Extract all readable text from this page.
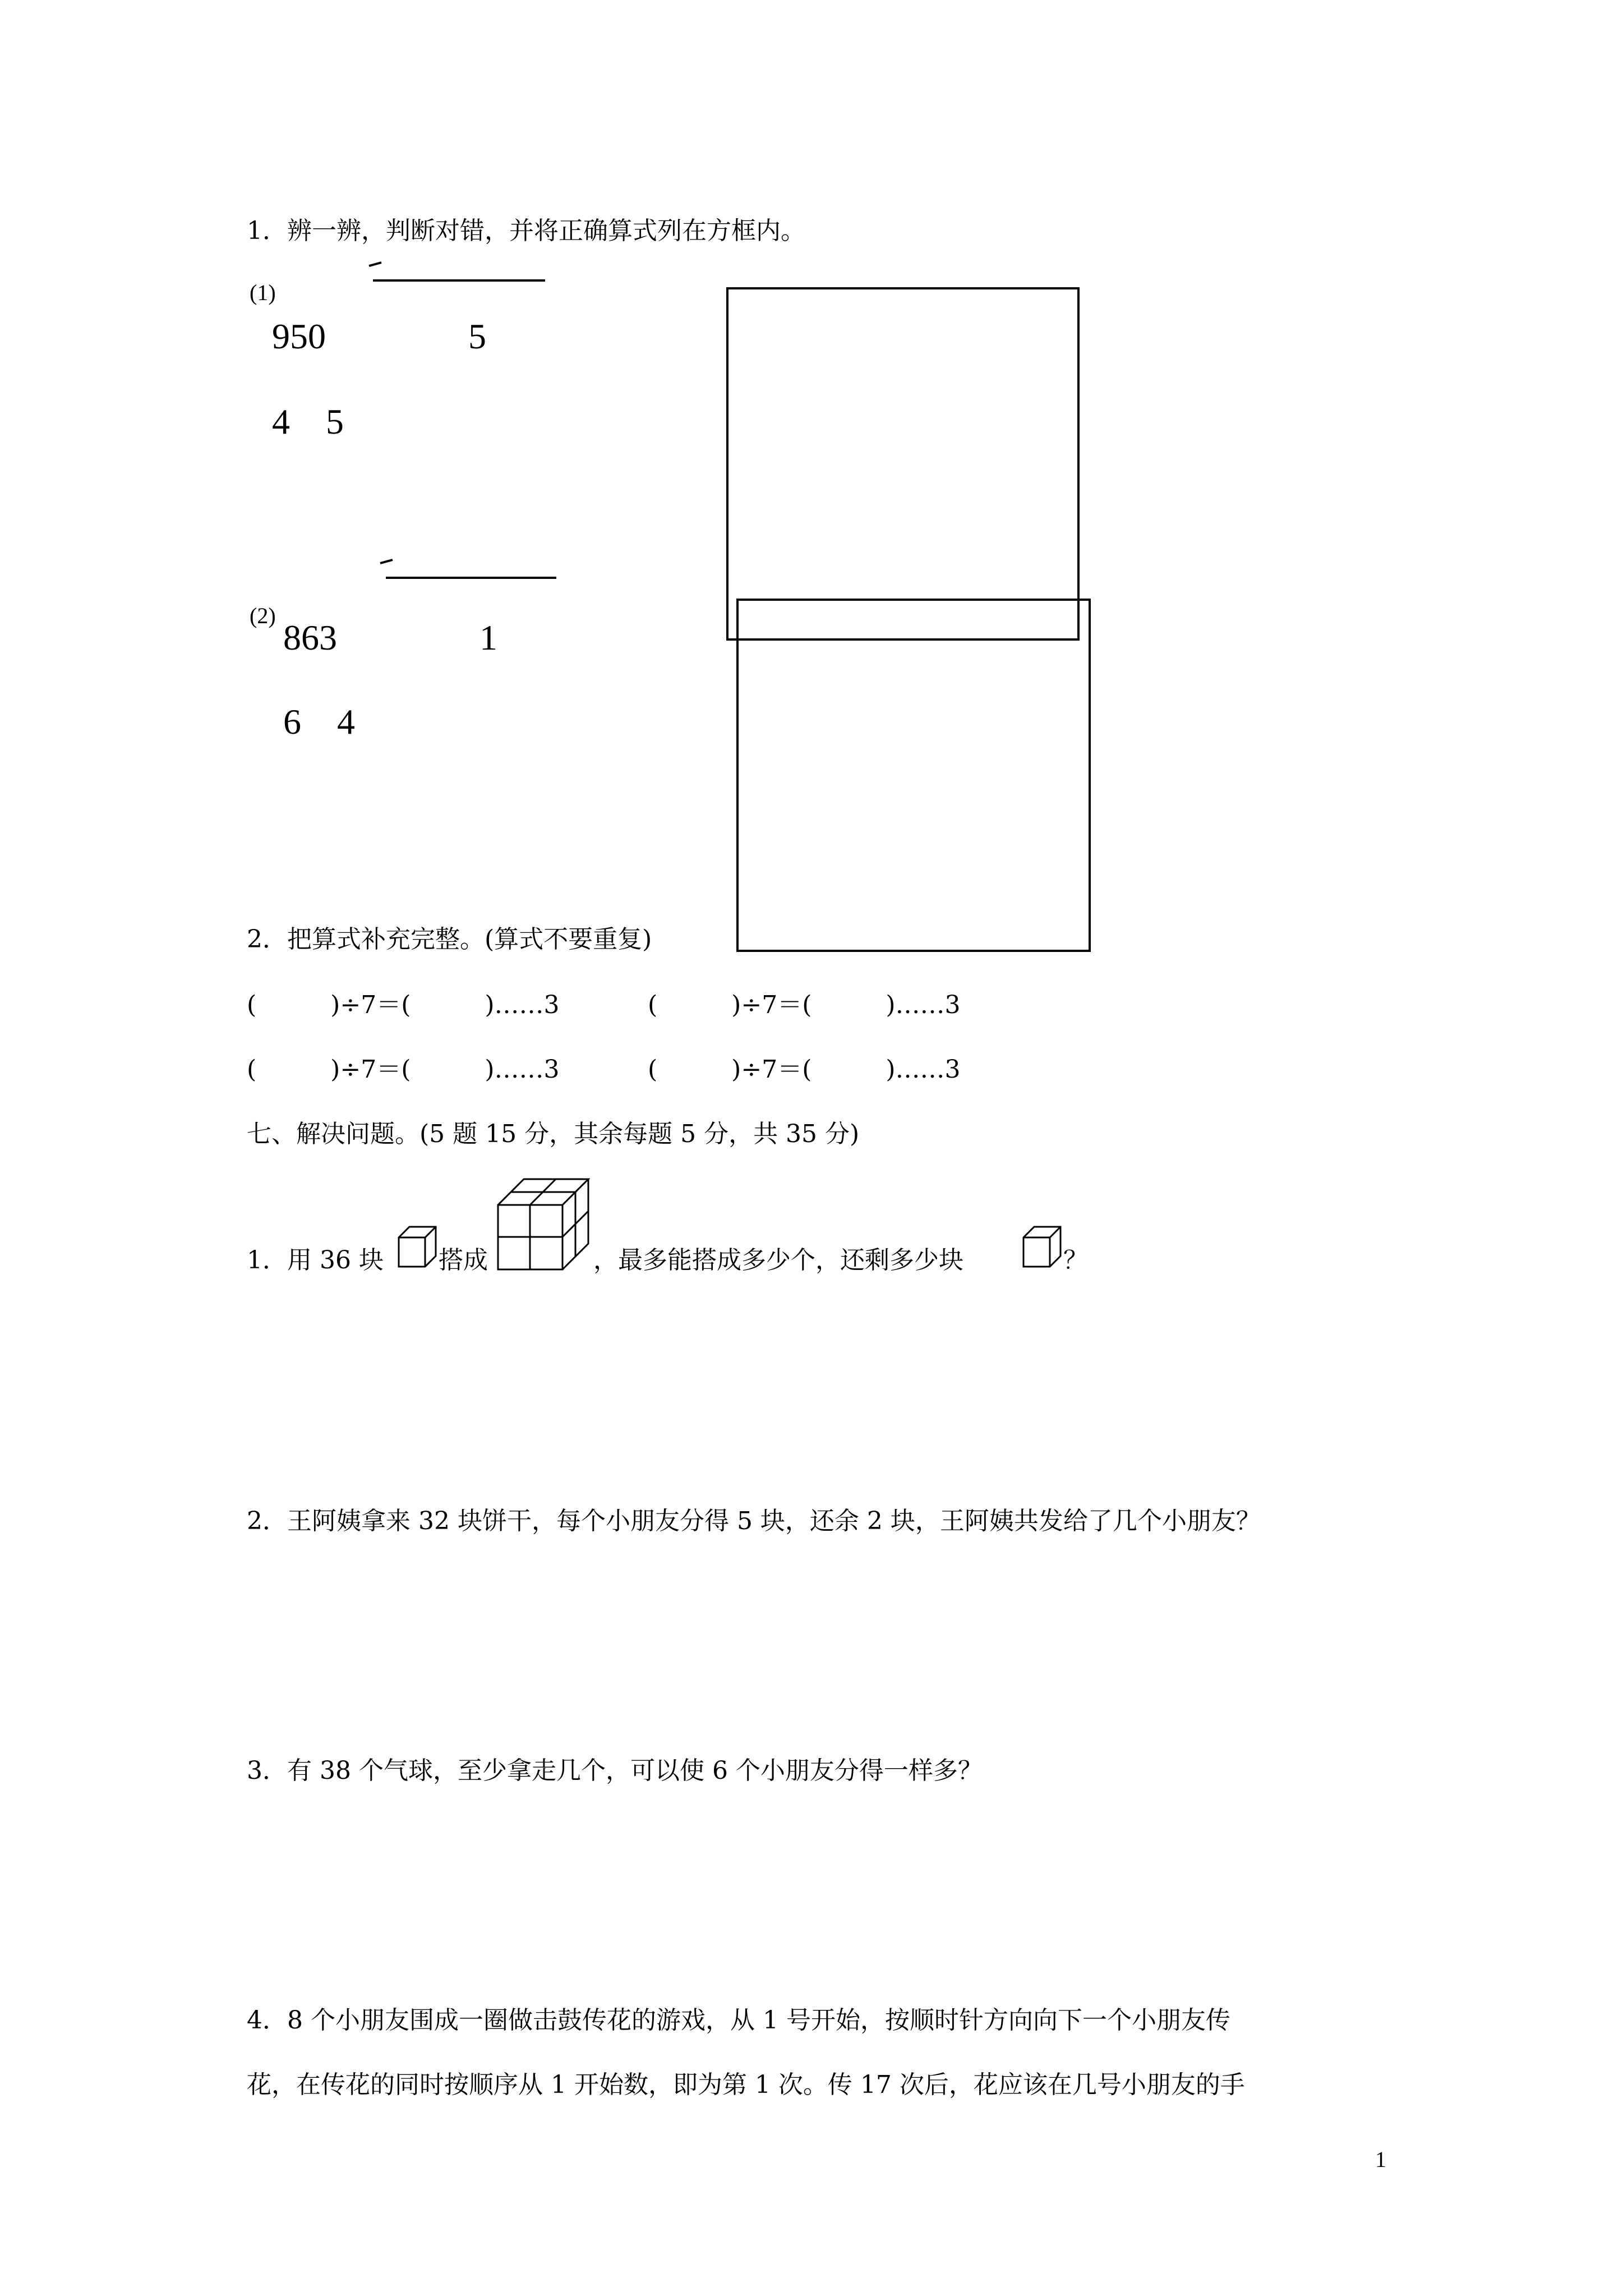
1．辨一辨，判断对错，并将正确算式列在方框内。
(1)
950	5
4　5
(2)
863	1
6　4
2．把算式补充完整。(算式不要重复)
(　　　)÷7＝(　　　)……3	(　　　)÷7＝(　　　)……3
(　　　)÷7＝(　　　)……3	(　　　)÷7＝(　　　)……3
七、解决问题。(5 题 15 分，其余每题 5 分，共 35 分)
1．用 36 块 搭成	，最多能搭成多少个，还剩多少块	？
2．王阿姨拿来 32 块饼干，每个小朋友分得 5 块，还余 2 块，王阿姨共发给了几个小朋友？
3．有 38 个气球，至少拿走几个，可以使 6 个小朋友分得一样多？
4．8 个小朋友围成一圈做击鼓传花的游戏，从 1 号开始，按顺时针方向向下一个小朋友传
花，在传花的同时按顺序从 1 开始数，即为第 1 次。传 17 次后，花应该在几号小朋友的手
1
